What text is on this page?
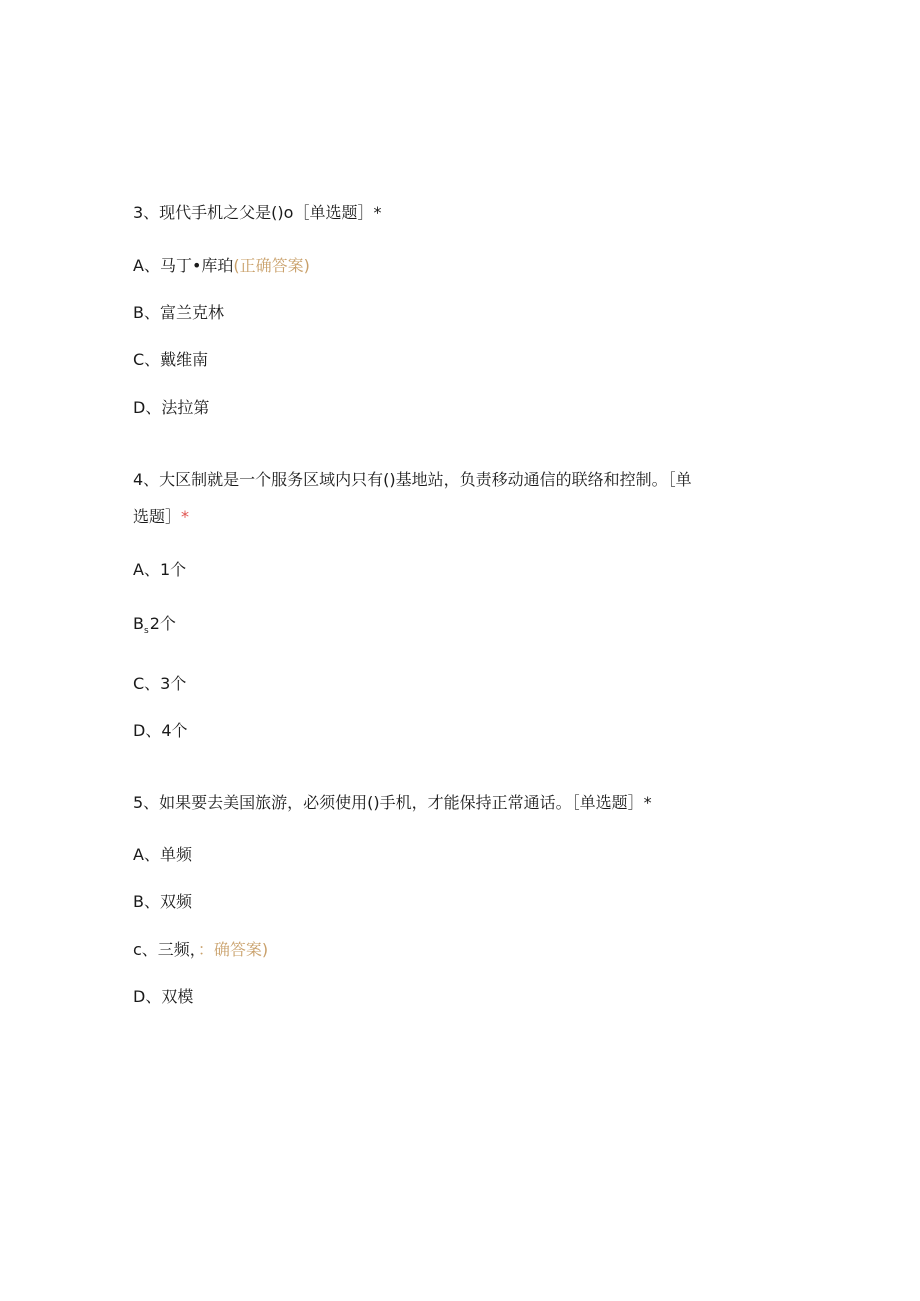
3、现代手机之父是()o［单选题］*
A、马丁•库珀(正确答案)
B、富兰克林
C、戴维南
D、法拉第
4、大区制就是一个服务区域内只有()基地站，负责移动通信的联络和控制。［单
选题］*
A、1个
$B_s2$个
C、3个
D、4个
5、如果要去美国旅游，必须使用()手机，才能保持正常通话。［单选题］*
A、单频
B、双频
c、三频，：确答案)
D、双模
